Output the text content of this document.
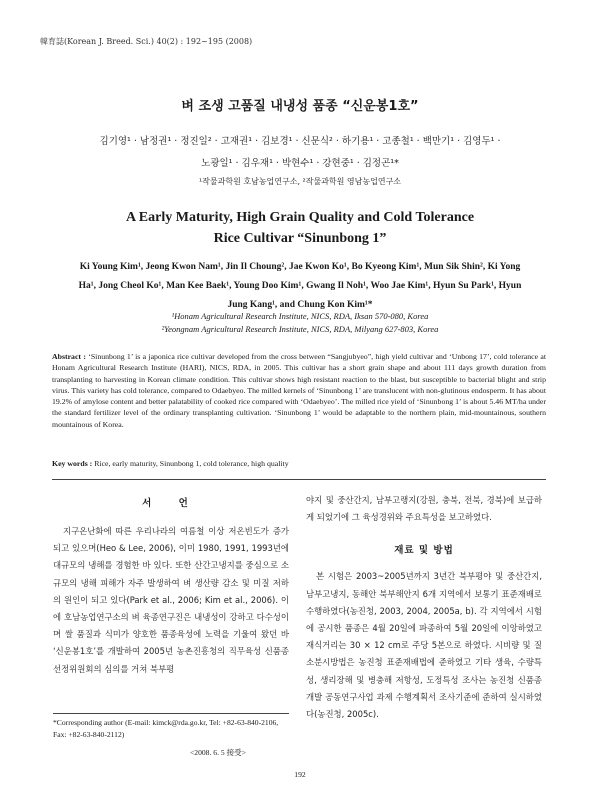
韓育誌(Korean J. Breed. Sci.) 40(2) : 192~195 (2008)
벼 조생 고품질 내냉성 품종 “신운봉1호”
김기영¹ · 남정권¹ · 정진일² · 고재권¹ · 김보경¹ · 신문식² · 하기용¹ · 고종철¹ · 백만기¹ · 김영두¹ ·
노광일¹ · 김우재¹ · 박현수¹ · 강현중¹ · 김정곤¹*
¹작물과학원 호남농업연구소, ²작물과학원 영남농업연구소
A Early Maturity, High Grain Quality and Cold Tolerance
Rice Cultivar “Sinunbong 1”
Ki Young Kim¹, Jeong Kwon Nam¹, Jin Il Choung², Jae Kwon Ko¹, Bo Kyeong Kim¹, Mun Sik Shin², Ki Yong
Ha¹, Jong Cheol Ko¹, Man Kee Baek¹, Young Doo Kim¹, Gwang Il Noh¹, Woo Jae Kim¹, Hyun Su Park¹, Hyun
Jung Kang¹, and Chung Kon Kim¹*
¹Honam Agricultural Research Institute, NICS, RDA, Iksan 570-080, Korea
²Yeongnam Agricultural Research Institute, NICS, RDA, Milyang 627-803, Korea
Abstract : ‘Sinunbong 1’ is a japonica rice cultivar developed from the cross between “Sangjubyeo”, high yield cultivar and ‘Unbong 17’, cold tolerance at Honam Agricultural Research Institute (HARI), NICS, RDA, in 2005. This cultivar has a short grain shape and about 111 days growth duration from transplanting to harvesting in Korean climate condition. This cultivar shows high resistant reaction to the blast, but susceptible to bacterial blight and strip virus. This variety has cold tolerance, compared to Odaebyeo. The milled kernels of ‘Sinunbong 1’ are translucent with non-glutinous endosperm. It has about 19.2% of amylose content and better palatability of cooked rice compared with ‘Odaebyeo’. The milled rice yield of ‘Sinunbong 1’ is about 5.46 MT/ha under the standard fertilizer level of the ordinary transplanting cultivation. ‘Sinunbong 1’ would be adaptable to the northern plain, mid-mountainous, southern mountainous of Korea.
Key words : Rice, early maturity, Sinunbong 1, cold tolerance, high quality
서 언
지구온난화에 따른 우리나라의 여름철 이상 저온빈도가 증가 되고 있으며(Heo & Lee, 2006), 이미 1980, 1991, 1993년에 대규모의 냉해를 경험한 바 있다. 또한 산간고냉지를 중심으로 소규모의 냉해 피해가 자주 발생하여 벼 생산량 감소 및 미질 저하의 원인이 되고 있다(Park et al., 2006; Kim et al., 2006). 이에 호남농업연구소의 벼 육종연구진은 내냉성이 강하고 다수성이며 쌀 품질과 식미가 양호한 품종육성에 노력을 기울여 왔던 바 ‘신운봉1호’를 개발하여 2005년 농촌진흥청의 직무육성 신품종 선정위원회의 심의를 거쳐 북부평
야지 및 중산간지, 남부고랭지(강원, 충북, 전북, 경북)에 보급하게 되었기에 그 육성경위와 주요특성을 보고하였다.
재료 및 방법
본 시험은 2003~2005년까지 3년간 북부평야 및 중산간지, 남부고냉지, 동해안 북부해안지 6개 지역에서 보통기 표준재배로 수행하였다(농진청, 2003, 2004, 2005a, b). 각 지역에서 시험에 공시한 품종은 4월 20일에 파종하여 5월 20일에 이앙하였고 재식거리는 30 × 12 cm로 주당 5본으로 하였다. 시비량 및 질소분시방법은 농진청 표준재배법에 준하였고 기타 생육, 수량특성, 생리장해 및 병충해 저항성, 도정특성 조사는 농진청 신품종개발 공동연구사업 과제 수행계획서 조사기준에 준하여 실시하였다(농진청, 2005c).
*Corresponding author (E-mail: kimck@rda.go.kr, Tel: +82-63-840-2106, Fax: +82-63-840-2112)
<2008. 6. 5 接受>
192
